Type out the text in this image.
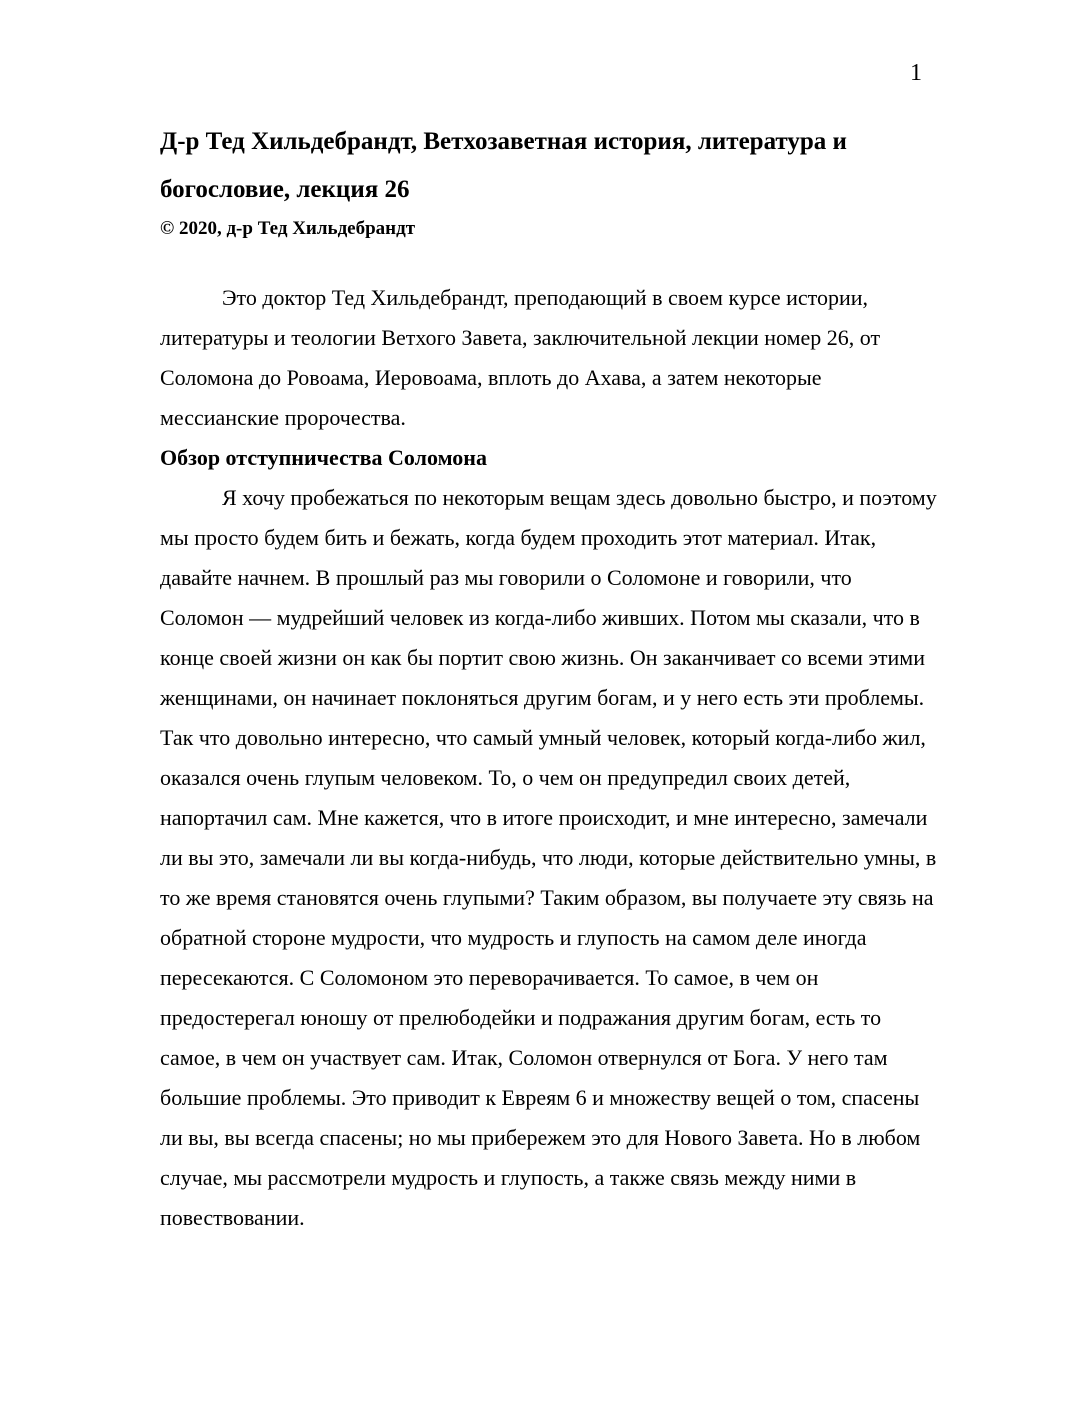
1
Д-р Тед Хильдебрандт, Ветхозаветная история, литература и богословие, лекция 26

© 2020, д-р Тед Хильдебрандт

Это доктор Тед Хильдебрандт, преподающий в своем курсе истории, литературы и теологии Ветхого Завета, заключительной лекции номер 26, от Соломона до Ровоама, Иеровоама, вплоть до Ахава, а затем некоторые мессианские пророчества.

Обзор отступничества Соломона

Я хочу пробежаться по некоторым вещам здесь довольно быстро, и поэтому мы просто будем бить и бежать, когда будем проходить этот материал. Итак, давайте начнем. В прошлый раз мы говорили о Соломоне и говорили, что Соломон — мудрейший человек из когда-либо живших. Потом мы сказали, что в конце своей жизни он как бы портит свою жизнь. Он заканчивает со всеми этими женщинами, он начинает поклоняться другим богам, и у него есть эти проблемы. Так что довольно интересно, что самый умный человек, который когда-либо жил, оказался очень глупым человеком. То, о чем он предупредил своих детей, напортачил сам. Мне кажется, что в итоге происходит, и мне интересно, замечали ли вы это, замечали ли вы когда-нибудь, что люди, которые действительно умны, в то же время становятся очень глупыми? Таким образом, вы получаете эту связь на обратной стороне мудрости, что мудрость и глупость на самом деле иногда пересекаются. С Соломоном это переворачивается. То самое, в чем он предостерегал юношу от прелюбодейки и подражания другим богам, есть то самое, в чем он участвует сам. Итак, Соломон отвернулся от Бога. У него там большие проблемы. Это приводит к Евреям 6 и множеству вещей о том, спасены ли вы, вы всегда спасены; но мы прибережем это для Нового Завета. Но в любом случае, мы рассмотрели мудрость и глупость, а также связь между ними в повествовании.
